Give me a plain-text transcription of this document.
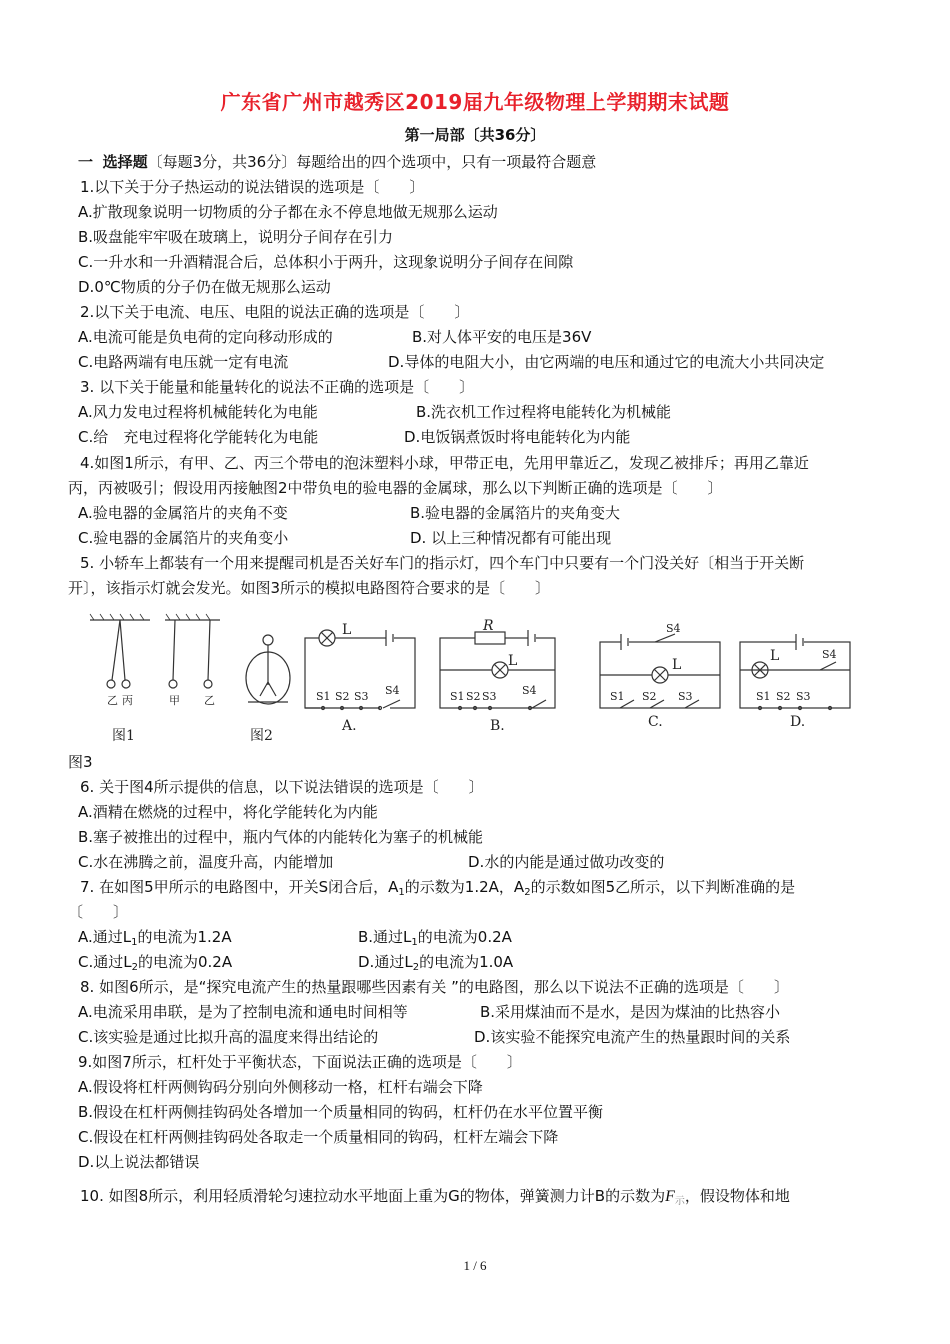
广东省广州市越秀区2019届九年级物理上学期期末试题
第一局部〔共36分〕
一 选择题〔每题3分，共36分〕每题给出的四个选项中，只有一项最符合题意
1.以下关于分子热运动的说法错误的选项是〔　　〕
A.扩散现象说明一切物质的分子都在永不停息地做无规那么运动
B.吸盘能牢牢吸在玻璃上，说明分子间存在引力
C.一升水和一升酒精混合后，总体积小于两升，这现象说明分子间存在间隙
D.0℃物质的分子仍在做无规那么运动
2.以下关于电流、电压、电阻的说法正确的选项是〔　　〕
A.电流可能是负电荷的定向移动形成的	B.对人体平安的电压是36V
C.电路两端有电压就一定有电流	D.导体的电阻大小，由它两端的电压和通过它的电流大小共同决定
3. 以下关于能量和能量转化的说法不正确的选项是〔　　〕
A.风力发电过程将机械能转化为电能	B.洗衣机工作过程将电能转化为机械能
C.给　充电过程将化学能转化为电能	D.电饭锅煮饭时将电能转化为内能
4.如图1所示，有甲、乙、丙三个带电的泡沫塑料小球，甲带正电，先用甲靠近乙，发现乙被排斥；再用乙靠近
丙，丙被吸引；假设用丙接触图2中带负电的验电器的金属球，那么以下判断正确的选项是〔　　〕
A.验电器的金属箔片的夹角不变	B.验电器的金属箔片的夹角变大
C.验电器的金属箔片的夹角变小	D. 以上三种情况都有可能出现
5. 小轿车上都装有一个用来提醒司机是否关好车门的指示灯，四个车门中只要有一个门没关好〔相当于开关断
开〕，该指示灯就会发光。如图3所示的模拟电路图符合要求的是〔　　〕
乙 丙	甲 乙
图1	图2
A.	B.	C.	D.
L	R
L	L
L
S1 S2 S3 S4	S1 S2 S3 S4	S1 S2 S3
S4
S1 S2 S3
S4
图3
6. 关于图4所示提供的信息，以下说法错误的选项是〔　　〕
A.酒精在燃烧的过程中，将化学能转化为内能
B.塞子被推出的过程中，瓶内气体的内能转化为塞子的机械能
C.水在沸腾之前，温度升高，内能增加	D.水的内能是通过做功改变的
7. 在如图5甲所示的电路图中，开关S闭合后，$A_1$的示数为1.2A，$A_2$的示数如图5乙所示，以下判断准确的是
〔　　〕
A.通过$L_1$的电流为1.2A	B.通过$L_1$的电流为0.2A
C.通过$L_2$的电流为0.2A	D.通过$L_2$的电流为1.0A
8. 如图6所示，是“探究电流产生的热量跟哪些因素有关 ”的电路图，那么以下说法不正确的选项是〔　　〕
A.电流采用串联，是为了控制电流和通电时间相等	B.采用煤油而不是水，是因为煤油的比热容小
C.该实验是通过比拟升高的温度来得出结论的	D.该实验不能探究电流产生的热量跟时间的关系
9.如图7所示，杠杆处于平衡状态，下面说法正确的选项是〔　　〕
A.假设将杠杆两侧钩码分别向外侧移动一格，杠杆右端会下降
B.假设在杠杆两侧挂钩码处各增加一个质量相同的钩码，杠杆仍在水平位置平衡
C.假设在杠杆两侧挂钩码处各取走一个质量相同的钩码，杠杆左端会下降
D.以上说法都错误
10. 如图8所示，利用轻质滑轮匀速拉动水平地面上重为G的物体，弹簧测力计B的示数为$F_示$，假设物体和地
1 / 6
